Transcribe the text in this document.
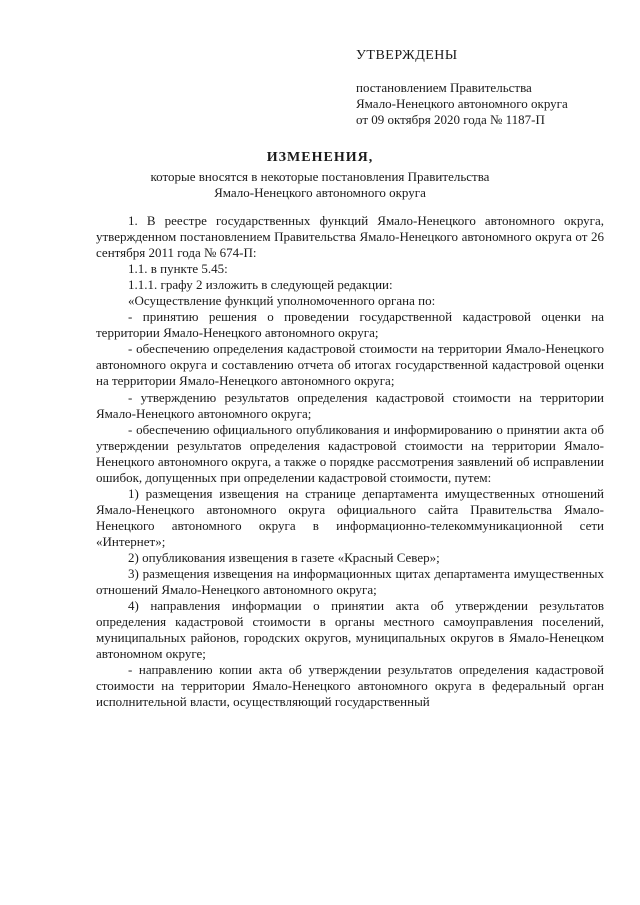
УТВЕРЖДЕНЫ
постановлением Правительства
Ямало-Ненецкого автономного округа
от 09 октября 2020 года № 1187-П
ИЗМЕНЕНИЯ,
которые вносятся в некоторые постановления Правительства
Ямало-Ненецкого автономного округа

1. В реестре государственных функций Ямало-Ненецкого автономного округа, утвержденном постановлением Правительства Ямало-Ненецкого автономного округа от 26 сентября 2011 года № 674-П:

1.1. в пункте 5.45:

1.1.1. графу 2 изложить в следующей редакции:

«Осуществление функций уполномоченного органа по:

- принятию решения о проведении государственной кадастровой оценки на территории Ямало-Ненецкого автономного округа;

- обеспечению определения кадастровой стоимости на территории Ямало-Ненецкого автономного округа и составлению отчета об итогах государственной кадастровой оценки на территории Ямало-Ненецкого автономного округа;

- утверждению результатов определения кадастровой стоимости на территории Ямало-Ненецкого автономного округа;

- обеспечению официального опубликования и информированию о принятии акта об утверждении результатов определения кадастровой стоимости на территории Ямало-Ненецкого автономного округа, а также о порядке рассмотрения заявлений об исправлении ошибок, допущенных при определении кадастровой стоимости, путем:

1) размещения извещения на странице департамента имущественных отношений Ямало-Ненецкого автономного округа официального сайта Правительства Ямало-Ненецкого автономного округа в информационно-телекоммуникационной сети «Интернет»;

2) опубликования извещения в газете «Красный Север»;

3) размещения извещения на информационных щитах департамента имущественных отношений Ямало-Ненецкого автономного округа;

4) направления информации о принятии акта об утверждении результатов определения кадастровой стоимости в органы местного самоуправления поселений, муниципальных районов, городских округов, муниципальных округов в Ямало-Ненецком автономном округе;

- направлению копии акта об утверждении результатов определения кадастровой стоимости на территории Ямало-Ненецкого автономного округа в федеральный орган исполнительной власти, осуществляющий государственный
